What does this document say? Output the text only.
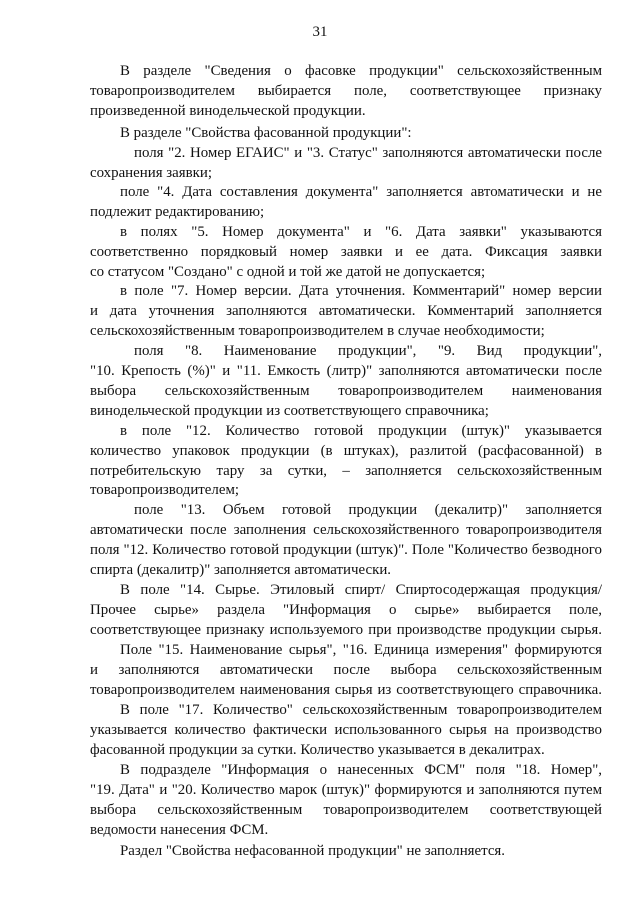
31
В разделе "Сведения о фасовке продукции" сельскохозяйственным
товаропроизводителем выбирается поле, соответствующее признаку
произведенной винодельческой продукции.
В разделе "Свойства фасованной продукции":
поля "2. Номер ЕГАИС" и "3. Статус" заполняются автоматически после
сохранения заявки;
поле "4. Дата составления документа" заполняется автоматически и не
подлежит редактированию;
в полях "5. Номер документа" и "6. Дата заявки" указываются
соответственно порядковый номер заявки и ее дата. Фиксация заявки
со статусом "Создано" с одной и той же датой не допускается;
в поле "7. Номер версии. Дата уточнения. Комментарий" номер версии
и дата уточнения заполняются автоматически. Комментарий заполняется
сельскохозяйственным товаропроизводителем в случае необходимости;
поля "8. Наименование продукции", "9. Вид продукции",
"10. Крепость (%)" и "11. Емкость (литр)" заполняются автоматически после
выбора сельскохозяйственным товаропроизводителем наименования
винодельческой продукции из соответствующего справочника;
в поле "12. Количество готовой продукции (штук)" указывается
количество упаковок продукции (в штуках), разлитой (расфасованной) в
потребительскую тару за сутки, – заполняется сельскохозяйственным
товаропроизводителем;
поле "13. Объем готовой продукции (декалитр)" заполняется
автоматически после заполнения сельскохозяйственного товаропроизводителя
поля "12. Количество готовой продукции (штук)". Поле "Количество безводного
спирта (декалитр)" заполняется автоматически.
В поле "14. Сырье. Этиловый спирт/ Спиртосодержащая продукция/
Прочее сырье» раздела "Информация о сырье» выбирается поле,
соответствующее признаку используемого при производстве продукции сырья.
Поле "15. Наименование сырья", "16. Единица измерения" формируются
и заполняются автоматически после выбора сельскохозяйственным
товаропроизводителем наименования сырья из соответствующего справочника.
В поле "17. Количество" сельскохозяйственным товаропроизводителем
указывается количество фактически использованного сырья на производство
фасованной продукции за сутки. Количество указывается в декалитрах.
В подразделе "Информация о нанесенных ФСМ" поля "18. Номер",
"19. Дата" и "20. Количество марок (штук)" формируются и заполняются путем
выбора сельскохозяйственным товаропроизводителем соответствующей
ведомости нанесения ФСМ.
Раздел "Свойства нефасованной продукции" не заполняется.
